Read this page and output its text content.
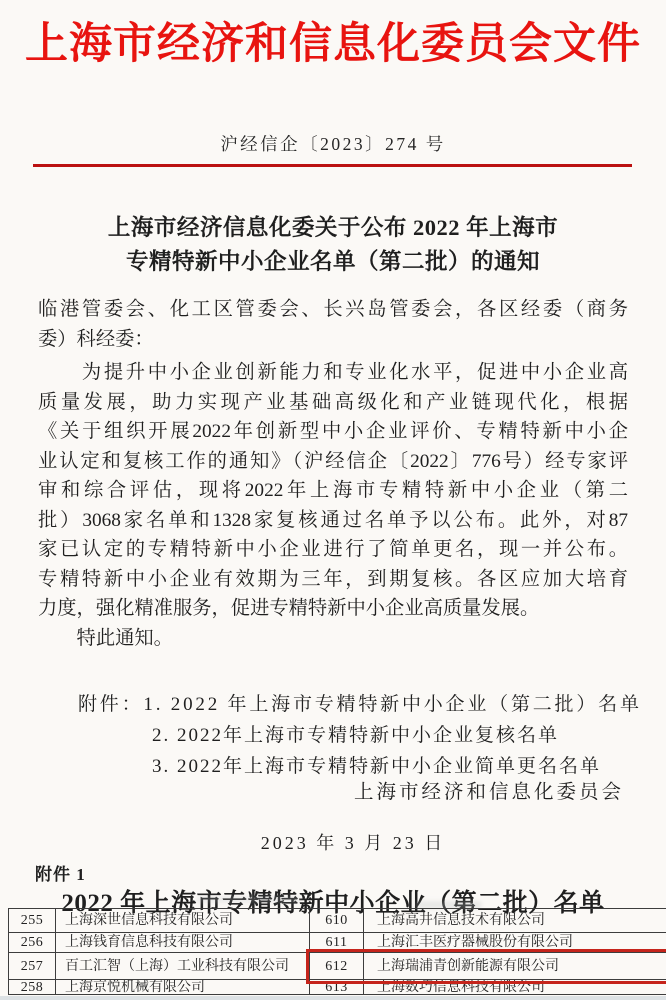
上海市经济和信息化委员会文件
沪经信企〔2023〕274 号
上海市经济信息化委关于公布 2022 年上海市
专精特新中小企业名单（第二批）的通知
临港管委会、化工区管委会、长兴岛管委会，各区经委（商务
委）科经委：
　　为提升中小企业创新能力和专业化水平，促进中小企业高
质量发展，助力实现产业基础高级化和产业链现代化，根据
《关于组织开展2022年创新型中小企业评价、专精特新中小企
业认定和复核工作的通知》（沪经信企〔2022〕776号）经专家评
审和综合评估，现将2022年上海市专精特新中小企业（第二
批）3068家名单和1328家复核通过名单予以公布。此外，对87
家已认定的专精特新中小企业进行了简单更名，现一并公布。
专精特新中小企业有效期为三年，到期复核。各区应加大培育
力度，强化精准服务，促进专精特新中小企业高质量发展。
　　特此通知。
附件：1. 2022 年上海市专精特新中小企业（第二批）名单
2. 2022年上海市专精特新中小企业复核名单
3. 2022年上海市专精特新中小企业简单更名名单
上海市经济和信息化委员会
2023 年 3 月 23 日
附件 1
2022 年上海市专精特新中小企业（第二批）名单
255	上海深世信息科技有限公司	610	上海高井信息技术有限公司
256	上海钱育信息科技有限公司	611	上海汇丰医疗器械股份有限公司
257	百工汇智（上海）工业科技有限公司	612	上海瑞浦青创新能源有限公司
258	上海京悦机械有限公司	613	上海数巧信息科技有限公司
